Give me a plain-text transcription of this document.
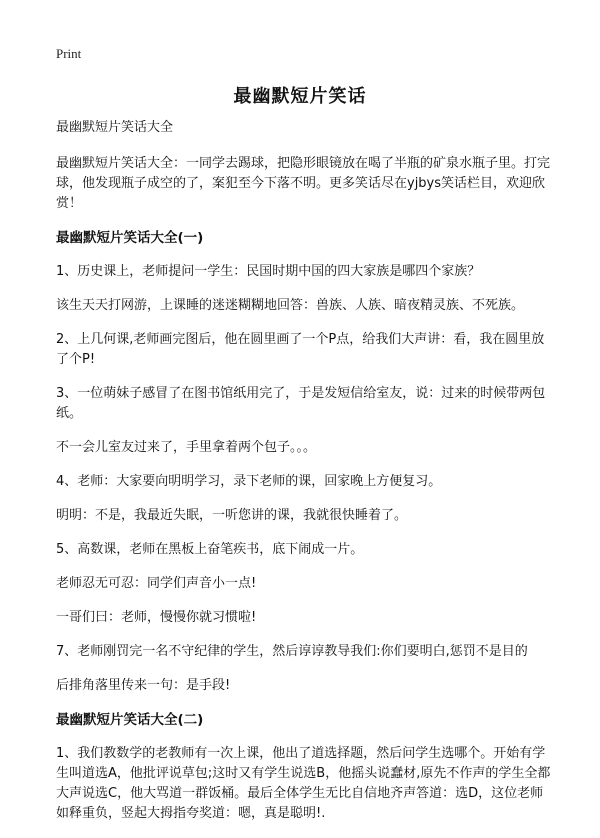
Print
最幽默短片笑话

最幽默短片笑话大全

最幽默短片笑话大全：一同学去踢球，把隐形眼镜放在喝了半瓶的矿泉水瓶子里。打完球，他发现瓶子成空的了，案犯至今下落不明。更多笑话尽在yjbys笑话栏目，欢迎欣赏！

最幽默短片笑话大全(一)

1、历史课上，老师提问一学生：民国时期中国的四大家族是哪四个家族？

该生天天打网游，上课睡的迷迷糊糊地回答：兽族、人族、暗夜精灵族、不死族。

2、上几何课,老师画完图后，他在圆里画了一个P点，给我们大声讲：看，我在圆里放了个P!

3、一位萌妹子感冒了在图书馆纸用完了，于是发短信给室友，说：过来的时候带两包纸。

不一会儿室友过来了，手里拿着两个包子。。。

4、老师：大家要向明明学习，录下老师的课，回家晚上方便复习。

明明：不是，我最近失眠，一听您讲的课，我就很快睡着了。

5、高数课，老师在黑板上奋笔疾书，底下闹成一片。

老师忍无可忍：同学们声音小一点!

一哥们曰：老师，慢慢你就习惯啦!

7、老师刚罚完一名不守纪律的学生，然后谆谆教导我们:你们要明白,惩罚不是目的

后排角落里传来一句：是手段!

最幽默短片笑话大全(二)

1、我们教数学的老教师有一次上课，他出了道选择题，然后问学生选哪个。开始有学生叫道选A，他批评说草包;这时又有学生说选B，他摇头说蠢材,原先不作声的学生全都大声说选C，他大骂道一群饭桶。最后全体学生无比自信地齐声答道：选D，这位老师如释重负，竖起大拇指夸奖道：嗯，真是聪明!.
